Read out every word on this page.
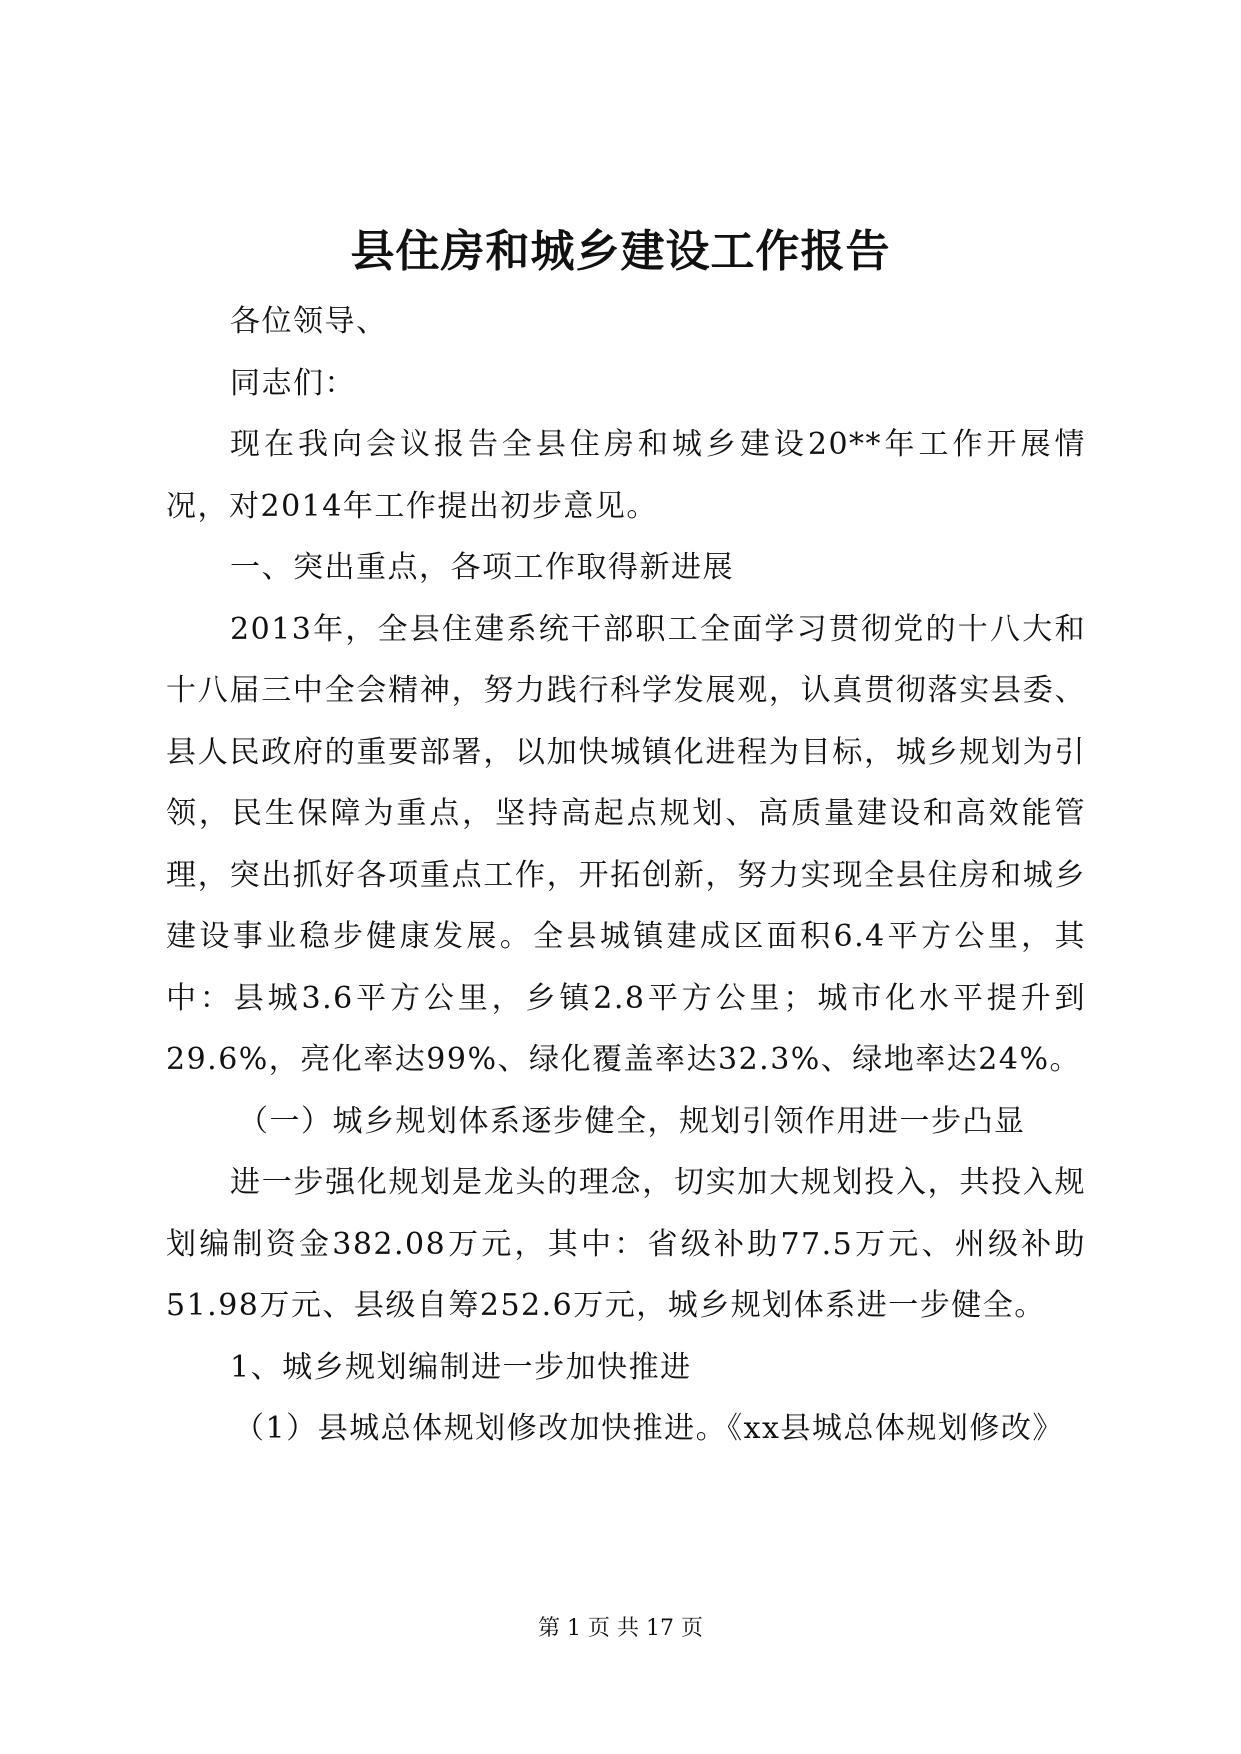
县住房和城乡建设工作报告

各位领导、

同志们：

现在我向会议报告全县住房和城乡建设20**年工作开展情况，对2014年工作提出初步意见。

一、突出重点，各项工作取得新进展

2013年，全县住建系统干部职工全面学习贯彻党的十八大和十八届三中全会精神，努力践行科学发展观，认真贯彻落实县委、县人民政府的重要部署，以加快城镇化进程为目标，城乡规划为引领，民生保障为重点，坚持高起点规划、高质量建设和高效能管理，突出抓好各项重点工作，开拓创新，努力实现全县住房和城乡建设事业稳步健康发展。全县城镇建成区面积6.4平方公里，其中：县城3.6平方公里，乡镇2.8平方公里；城市化水平提升到29.6%，亮化率达99%、绿化覆盖率达32.3%、绿地率达24%。

（一）城乡规划体系逐步健全，规划引领作用进一步凸显

进一步强化规划是龙头的理念，切实加大规划投入，共投入规划编制资金382.08万元，其中：省级补助77.5万元、州级补助51.98万元、县级自筹252.6万元，城乡规划体系进一步健全。

1、城乡规划编制进一步加快推进

（1）县城总体规划修改加快推进。《xx县城总体规划修改》

第 1 页 共 17 页
